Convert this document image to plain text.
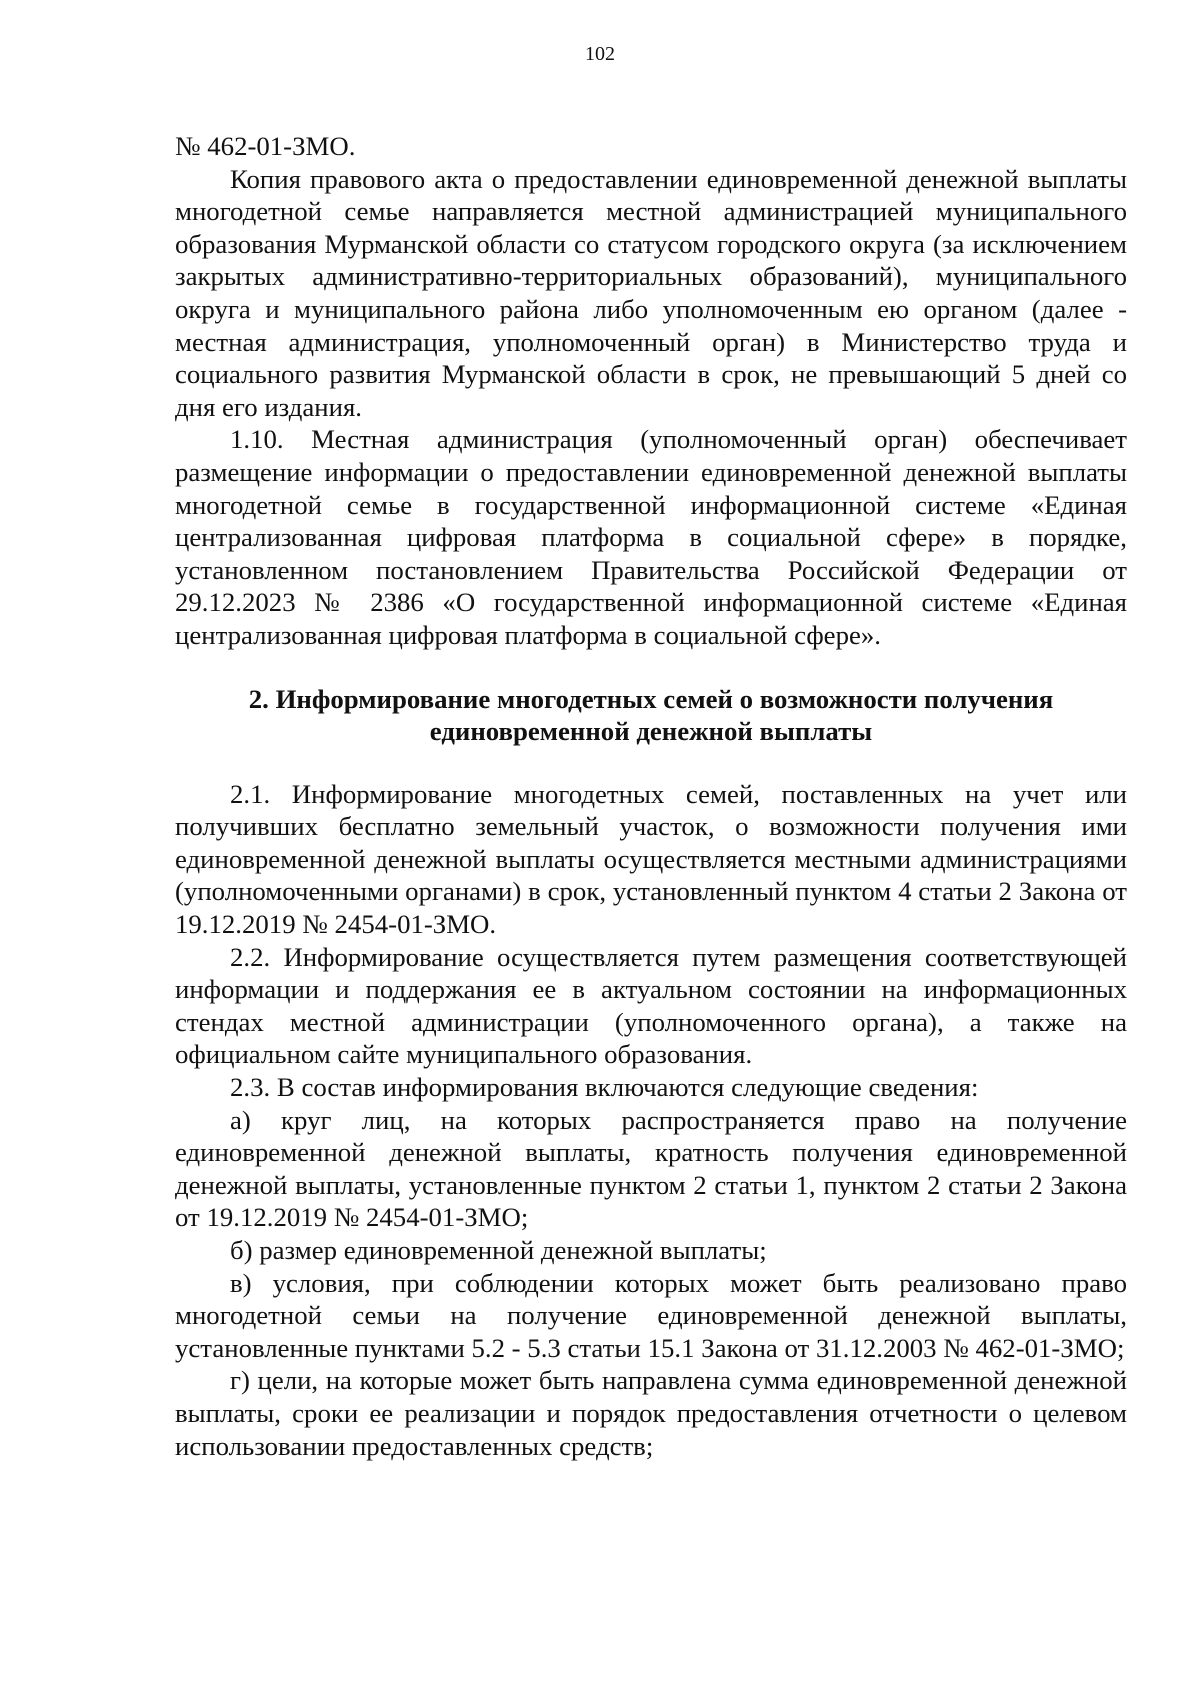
102

№ 462-01-ЗМО.

Копия правового акта о предоставлении единовременной денежной выплаты многодетной семье направляется местной администрацией муниципального образования Мурманской области со статусом городского округа (за исключением закрытых административно-территориальных образований), муниципального округа и муниципального района либо уполномоченным ею органом (далее - местная администрация, уполномоченный орган) в Министерство труда и социального развития Мурманской области в срок, не превышающий 5 дней со дня его издания.

1.10. Местная администрация (уполномоченный орган) обеспечивает размещение информации о предоставлении единовременной денежной выплаты многодетной семье в государственной информационной системе «Единая централизованная цифровая платформа в социальной сфере» в порядке, установленном постановлением Правительства Российской Федерации от 29.12.2023 № 2386 «О государственной информационной системе «Единая централизованная цифровая платформа в социальной сфере».

2. Информирование многодетных семей о возможности получения
единовременной денежной выплаты

2.1. Информирование многодетных семей, поставленных на учет или получивших бесплатно земельный участок, о возможности получения ими единовременной денежной выплаты осуществляется местными администрациями (уполномоченными органами) в срок, установленный пунктом 4 статьи 2 Закона от 19.12.2019 № 2454-01-ЗМО.

2.2. Информирование осуществляется путем размещения соответствующей информации и поддержания ее в актуальном состоянии на информационных стендах местной администрации (уполномоченного органа), а также на официальном сайте муниципального образования.

2.3. В состав информирования включаются следующие сведения:

а) круг лиц, на которых распространяется право на получение единовременной денежной выплаты, кратность получения единовременной денежной выплаты, установленные пунктом 2 статьи 1, пунктом 2 статьи 2 Закона от 19.12.2019 № 2454-01-ЗМО;

б) размер единовременной денежной выплаты;

в) условия, при соблюдении которых может быть реализовано право многодетной семьи на получение единовременной денежной выплаты, установленные пунктами 5.2 - 5.3 статьи 15.1 Закона от 31.12.2003 № 462-01-ЗМО;

г) цели, на которые может быть направлена сумма единовременной денежной выплаты, сроки ее реализации и порядок предоставления отчетности о целевом использовании предоставленных средств;
